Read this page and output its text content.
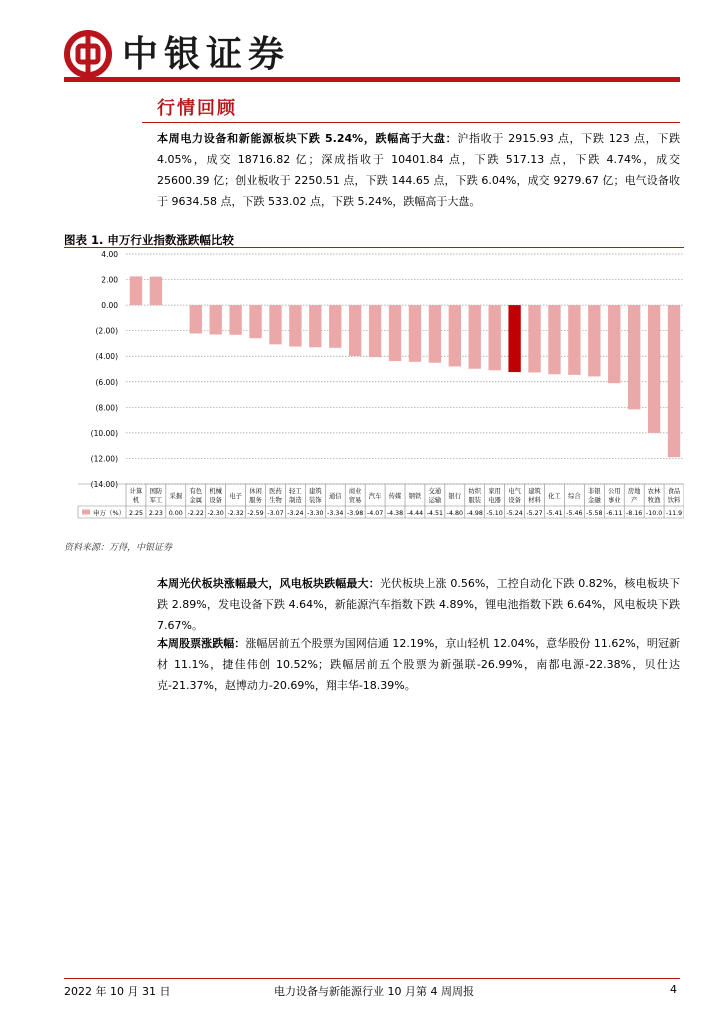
中银证券
行情回顾
本周电力设备和新能源板块下跌 5.24%，跌幅高于大盘：沪指收于 2915.93 点，下跌 123 点，下跌 4.05%，成交 18716.82 亿；深成指收于 10401.84 点，下跌 517.13 点，下跌 4.74%，成交 25600.39 亿；创业板收于 2250.51 点，下跌 144.65 点，下跌 6.04%，成交 9279.67 亿；电气设备收于 9634.58 点，下跌 533.02 点，下跌 5.24%，跌幅高于大盘。
图表 1. 申万行业指数涨跌幅比较
4.00
2.00
0.00
(2.00)
(4.00)
(6.00)
(8.00)
(10.00)
(12.00)
(14.00)
申万（%）
计算
机
2.25
国防
军工
2.23
采掘
0.00
有色
金属
-2.22
机械
设备
-2.30
电子
-2.32
休闲
服务
-2.59
医药
生物
-3.07
轻工
制造
-3.24
建筑
装饰
-3.30
通信
-3.34
商业
贸易
-3.98
汽车
-4.07
传媒
-4.38
钢铁
-4.44
交通
运输
-4.51
银行
-4.80
纺织
服装
-4.98
家用
电器
-5.10
电气
设备
-5.24
建筑
材料
-5.27
化工
-5.41
综合
-5.46
非银
金融
-5.58
公用
事业
-6.11
房地
产
-8.16
农林
牧渔
-10.0
食品
饮料
-11.9
资料来源：万得，中银证券
本周光伏板块涨幅最大，风电板块跌幅最大：光伏板块上涨 0.56%，工控自动化下跌 0.82%，核电板块下跌 2.89%，发电设备下跌 4.64%，新能源汽车指数下跌 4.89%，锂电池指数下跌 6.64%，风电板块下跌 7.67%。
本周股票涨跌幅：涨幅居前五个股票为国网信通 12.19%，京山轻机 12.04%，意华股份 11.62%，明冠新材 11.1%，捷佳伟创 10.52%；跌幅居前五个股票为新强联-26.99%，南都电源-22.38%，贝仕达克-21.37%，赵博动力-20.69%，翔丰华-18.39%。
2022 年 10 月 31 日	电力设备与新能源行业 10 月第 4 周周报	4
